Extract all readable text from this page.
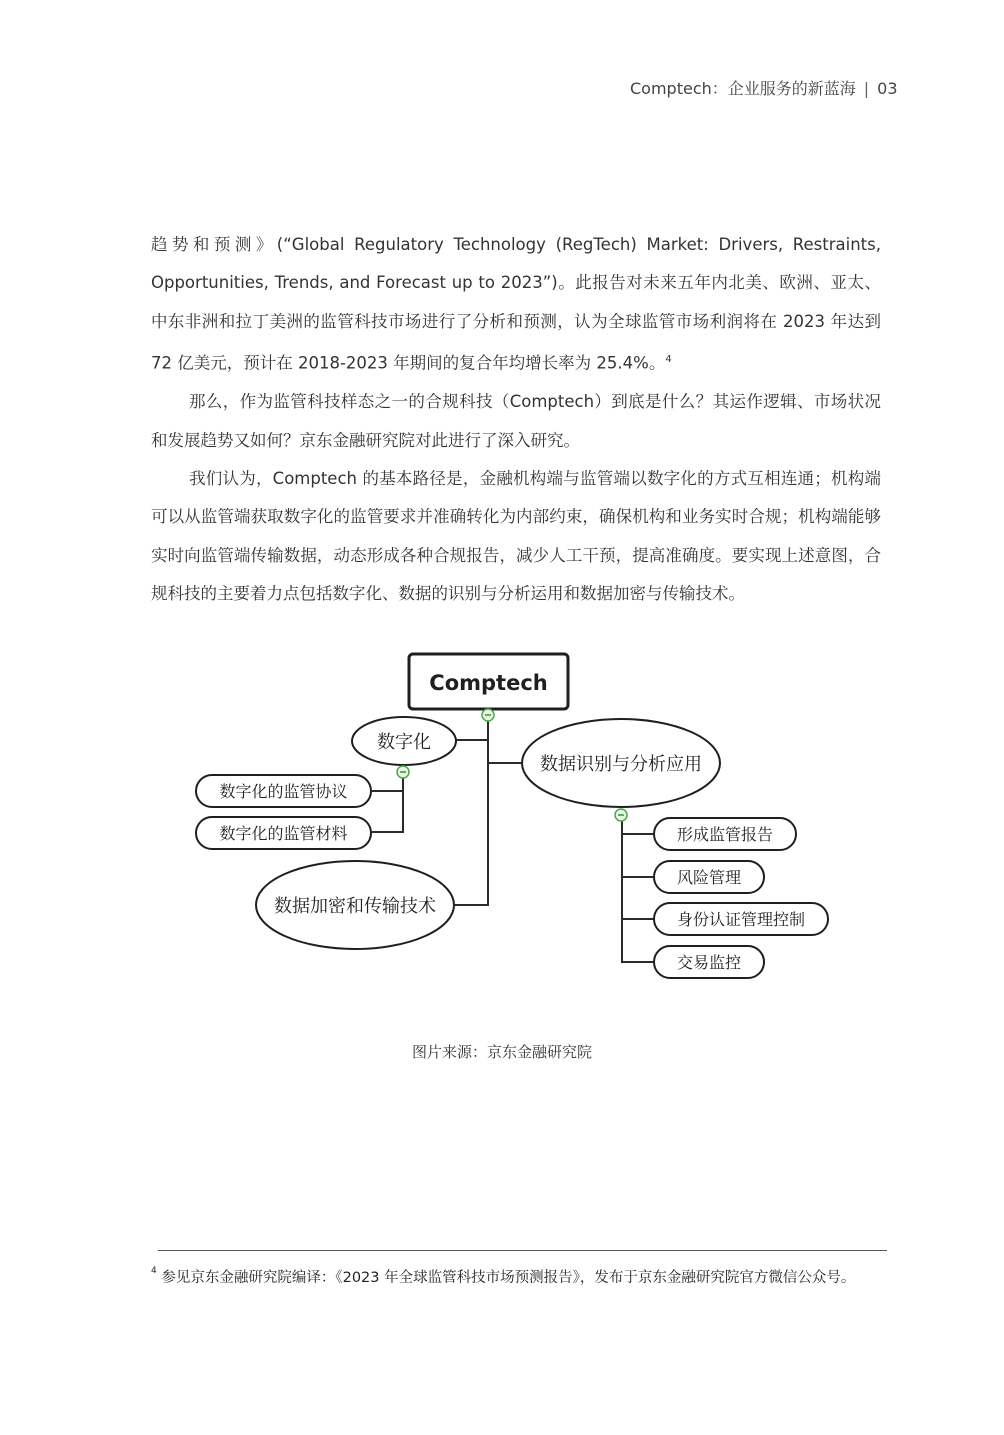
Comptech：企业服务的新蓝海 | 03

趋势和预测》(“Global Regulatory Technology (RegTech) Market: Drivers, Restraints, Opportunities, Trends, and Forecast up to 2023”)。此报告对未来五年内北美、欧洲、亚太、中东非洲和拉丁美洲的监管科技市场进行了分析和预测，认为全球监管市场利润将在 2023 年达到 72 亿美元，预计在 2018-2023 年期间的复合年均增长率为 25.4%。$^4$

那么，作为监管科技样态之一的合规科技（Comptech）到底是什么？其运作逻辑、市场状况和发展趋势又如何？京东金融研究院对此进行了深入研究。

我们认为，Comptech 的基本路径是，金融机构端与监管端以数字化的方式互相连通；机构端可以从监管端获取数字化的监管要求并准确转化为内部约束，确保机构和业务实时合规；机构端能够实时向监管端传输数据，动态形成各种合规报告，减少人工干预，提高准确度。要实现上述意图，合规科技的主要着力点包括数字化、数据的识别与分析运用和数据加密与传输技术。

Comptech
数字化
数字化的监管协议
数字化的监管材料
数据加密和传输技术
数据识别与分析应用
形成监管报告
风险管理
身份认证管理控制
交易监控
图片来源：京东金融研究院
$^4$ 参见京东金融研究院编译：《2023 年全球监管科技市场预测报告》，发布于京东金融研究院官方微信公众号。
